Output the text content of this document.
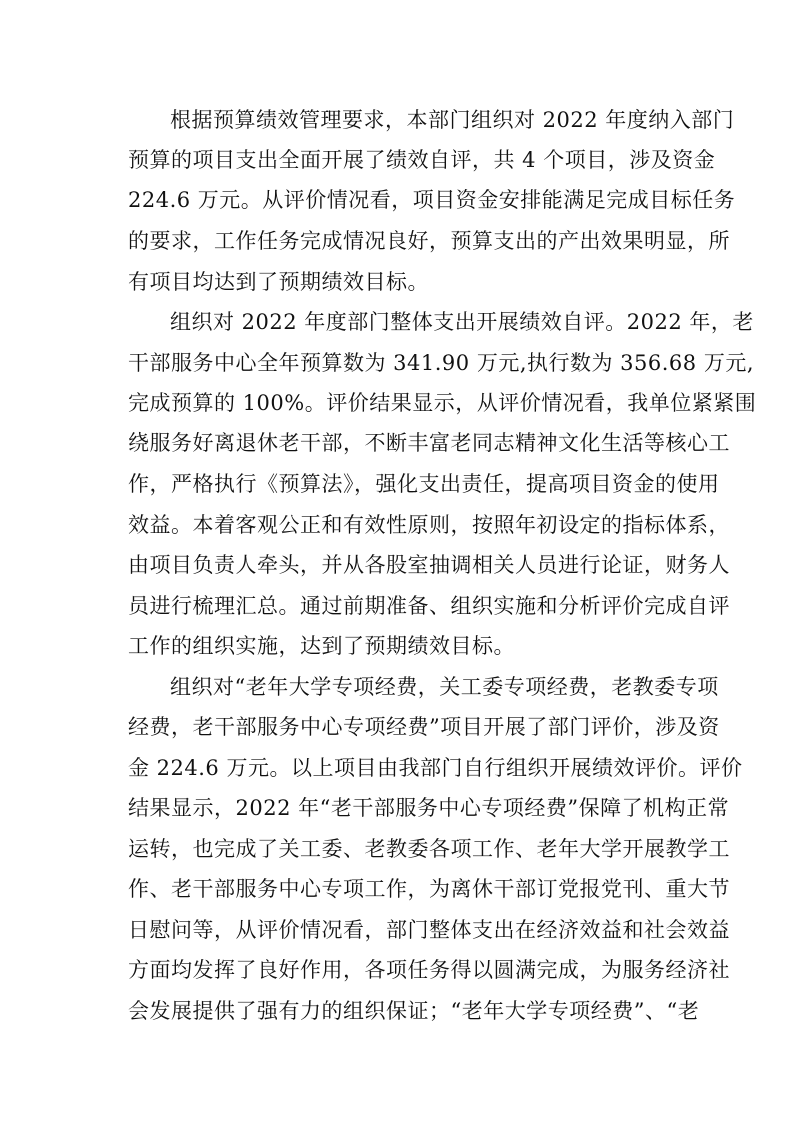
根据预算绩效管理要求，本部门组织对 2022 年度纳入部门
预算的项目支出全面开展了绩效自评，共 4 个项目，涉及资金
224.6 万元。从评价情况看，项目资金安排能满足完成目标任务
的要求，工作任务完成情况良好，预算支出的产出效果明显，所
有项目均达到了预期绩效目标。
组织对 2022 年度部门整体支出开展绩效自评。2022 年，老
干部服务中心全年预算数为 341.90 万元,执行数为 356.68 万元,
完成预算的 100%。评价结果显示，从评价情况看，我单位紧紧围
绕服务好离退休老干部，不断丰富老同志精神文化生活等核心工
作，严格执行《预算法》，强化支出责任，提高项目资金的使用
效益。本着客观公正和有效性原则，按照年初设定的指标体系，
由项目负责人牵头，并从各股室抽调相关人员进行论证，财务人
员进行梳理汇总。通过前期准备、组织实施和分析评价完成自评
工作的组织实施，达到了预期绩效目标。
组织对“老年大学专项经费，关工委专项经费，老教委专项
经费，老干部服务中心专项经费”项目开展了部门评价，涉及资
金 224.6 万元。以上项目由我部门自行组织开展绩效评价。评价
结果显示，2022 年“老干部服务中心专项经费”保障了机构正常
运转，也完成了关工委、老教委各项工作、老年大学开展教学工
作、老干部服务中心专项工作，为离休干部订党报党刊、重大节
日慰问等，从评价情况看，部门整体支出在经济效益和社会效益
方面均发挥了良好作用，各项任务得以圆满完成，为服务经济社
会发展提供了强有力的组织保证；“老年大学专项经费”、“老
